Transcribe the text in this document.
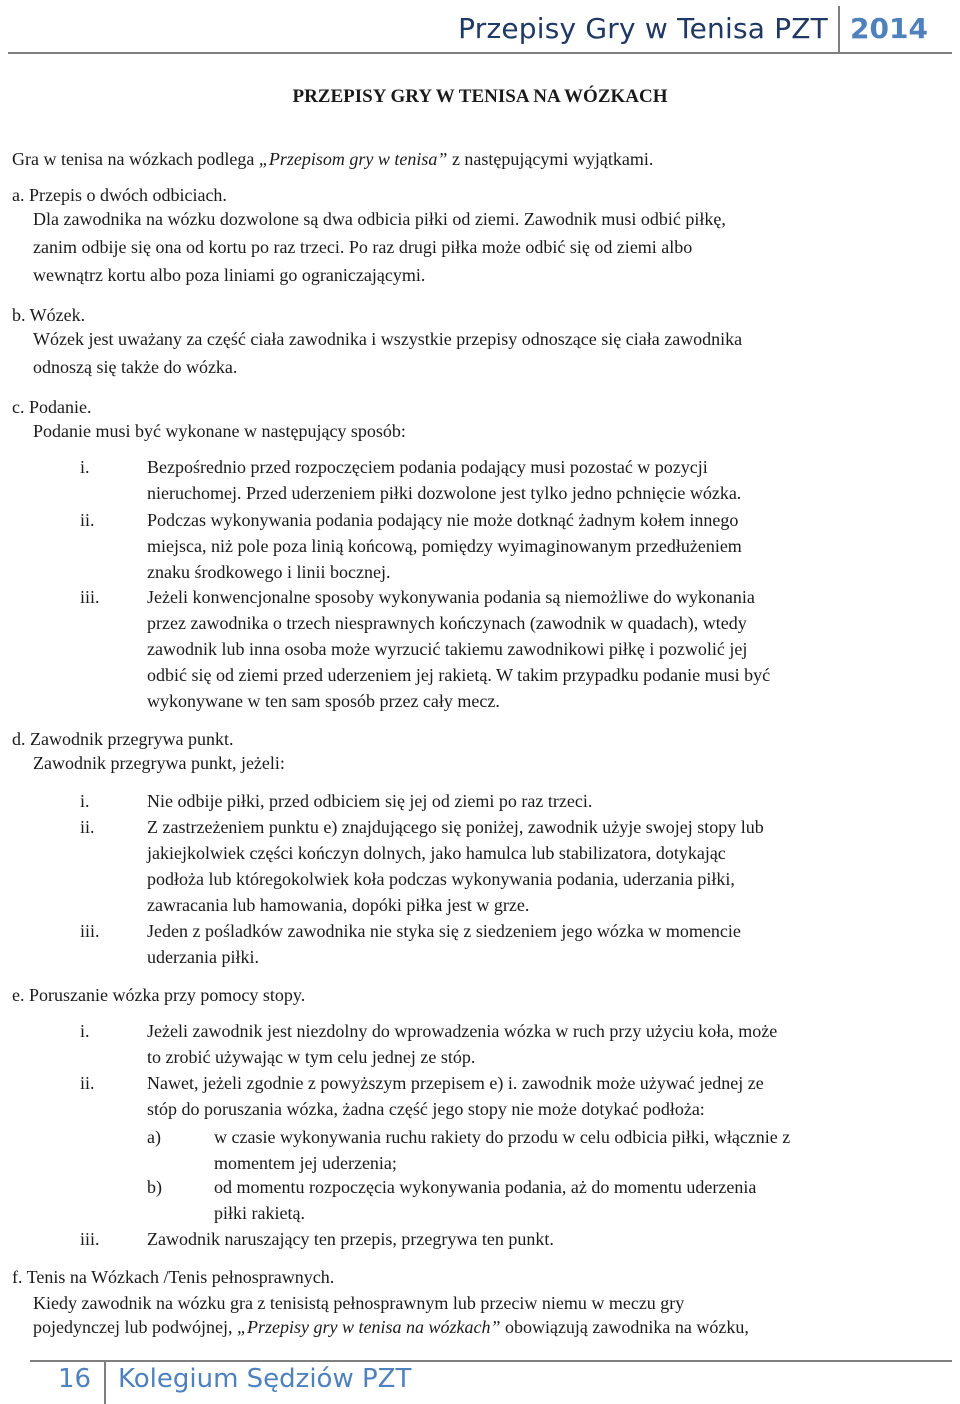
Przepisy Gry w Tenisa PZT 2014
PRZEPISY GRY W TENISA NA WÓZKACH
Gra w tenisa na wózkach podlega „Przepisom gry w tenisa” z następującymi wyjątkami.
a. Przepis o dwóch odbiciach.
Dla zawodnika na wózku dozwolone są dwa odbicia piłki od ziemi. Zawodnik musi odbić piłkę,
zanim odbije się ona od kortu po raz trzeci. Po raz drugi piłka może odbić się od ziemi albo
wewnątrz kortu albo poza liniami go ograniczającymi.
b. Wózek.
Wózek jest uważany za część ciała zawodnika i wszystkie przepisy odnoszące się ciała zawodnika
odnoszą się także do wózka.
c. Podanie.
Podanie musi być wykonane w następujący sposób:
i.	Bezpośrednio przed rozpoczęciem podania podający musi pozostać w pozycji
nieruchomej. Przed uderzeniem piłki dozwolone jest tylko jedno pchnięcie wózka.
ii.	Podczas wykonywania podania podający nie może dotknąć żadnym kołem innego
miejsca, niż pole poza linią końcową, pomiędzy wyimaginowanym przedłużeniem
znaku środkowego i linii bocznej.
iii.	Jeżeli konwencjonalne sposoby wykonywania podania są niemożliwe do wykonania
przez zawodnika o trzech niesprawnych kończynach (zawodnik w quadach), wtedy
zawodnik lub inna osoba może wyrzucić takiemu zawodnikowi piłkę i pozwolić jej
odbić się od ziemi przed uderzeniem jej rakietą. W takim przypadku podanie musi być
wykonywane w ten sam sposób przez cały mecz.
d. Zawodnik przegrywa punkt.
Zawodnik przegrywa punkt, jeżeli:
i.	Nie odbije piłki, przed odbiciem się jej od ziemi po raz trzeci.
ii.	Z zastrzeżeniem punktu e) znajdującego się poniżej, zawodnik użyje swojej stopy lub
jakiejkolwiek części kończyn dolnych, jako hamulca lub stabilizatora, dotykając
podłoża lub któregokolwiek koła podczas wykonywania podania, uderzania piłki,
zawracania lub hamowania, dopóki piłka jest w grze.
iii.	Jeden z pośladków zawodnika nie styka się z siedzeniem jego wózka w momencie
uderzania piłki.
e. Poruszanie wózka przy pomocy stopy.
i.	Jeżeli zawodnik jest niezdolny do wprowadzenia wózka w ruch przy użyciu koła, może
to zrobić używając w tym celu jednej ze stóp.
ii.	Nawet, jeżeli zgodnie z powyższym przepisem e) i. zawodnik może używać jednej ze
stóp do poruszania wózka, żadna część jego stopy nie może dotykać podłoża:
a)	w czasie wykonywania ruchu rakiety do przodu w celu odbicia piłki, włącznie z
momentem jej uderzenia;
b)	od momentu rozpoczęcia wykonywania podania, aż do momentu uderzenia
piłki rakietą.
iii.	Zawodnik naruszający ten przepis, przegrywa ten punkt.
f. Tenis na Wózkach /Tenis pełnosprawnych.
Kiedy zawodnik na wózku gra z tenisistą pełnosprawnym lub przeciw niemu w meczu gry
pojedynczej lub podwójnej, „Przepisy gry w tenisa na wózkach” obowiązują zawodnika na wózku,
16 Kolegium Sędziów PZT
